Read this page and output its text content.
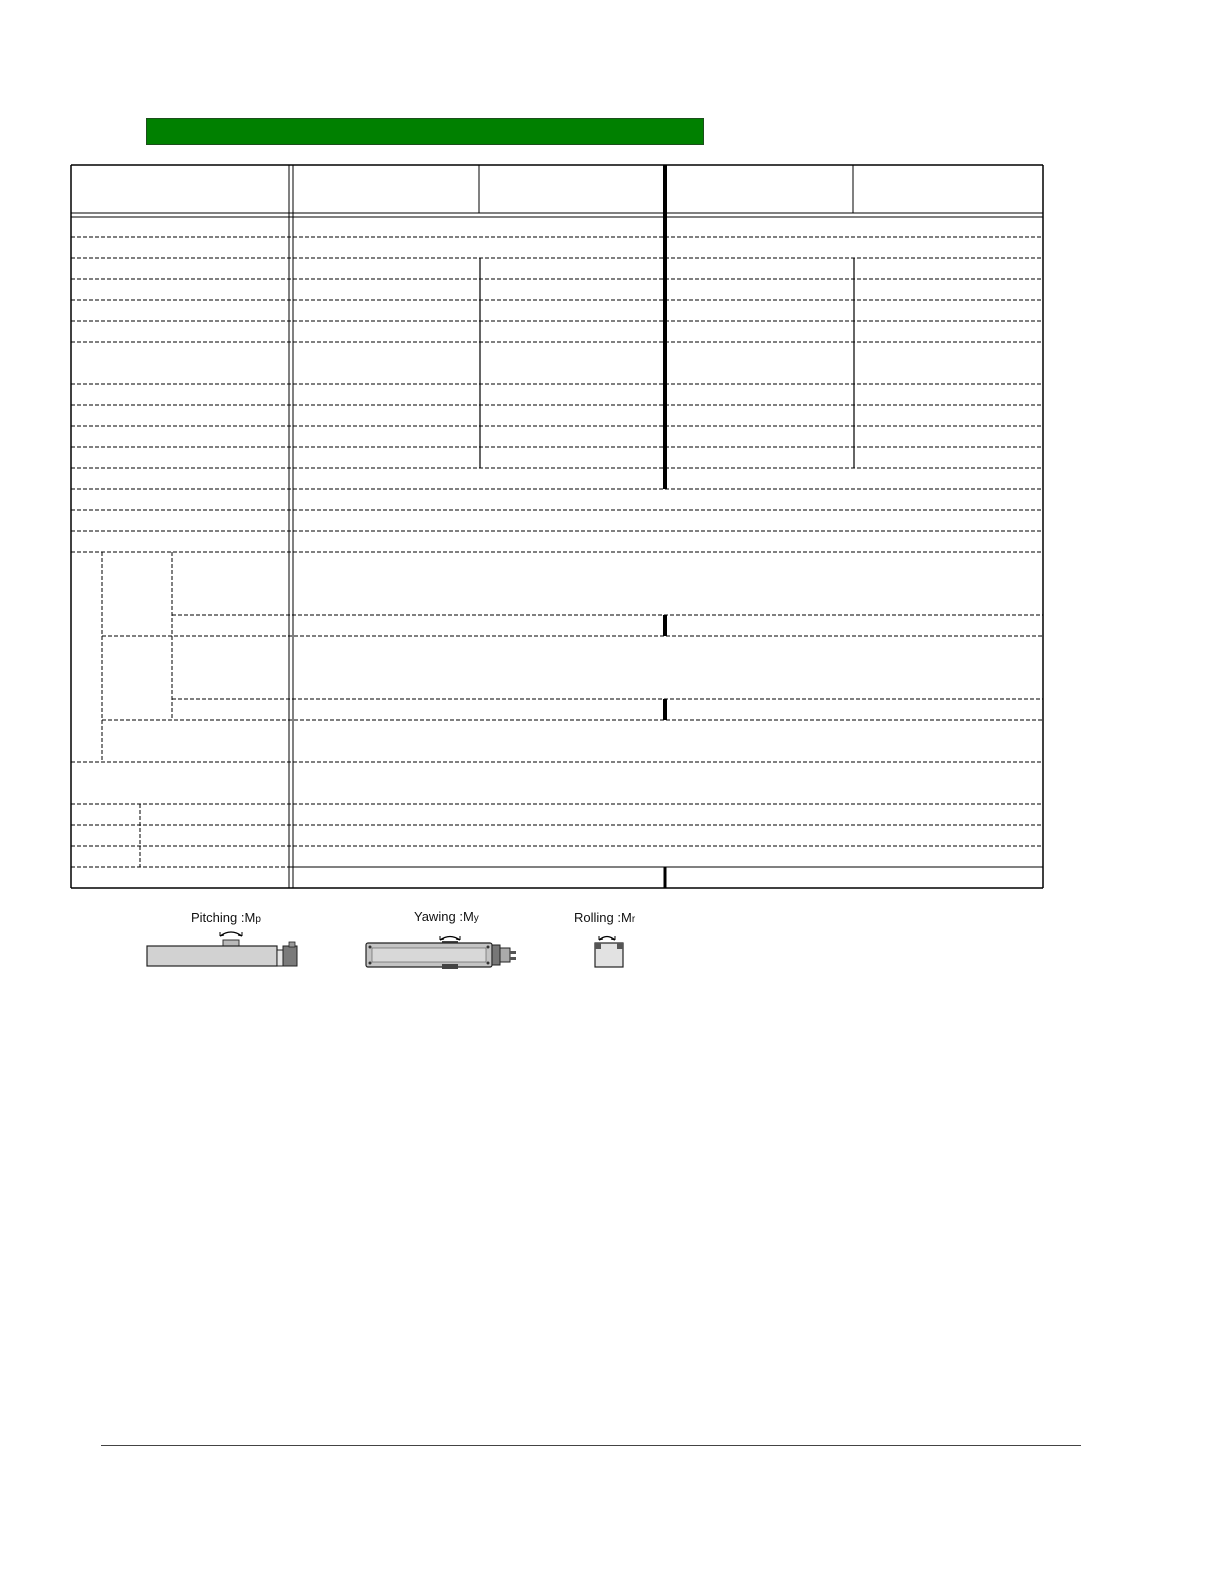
Pitching :Mp	Yawing :My	Rolling :Mr
